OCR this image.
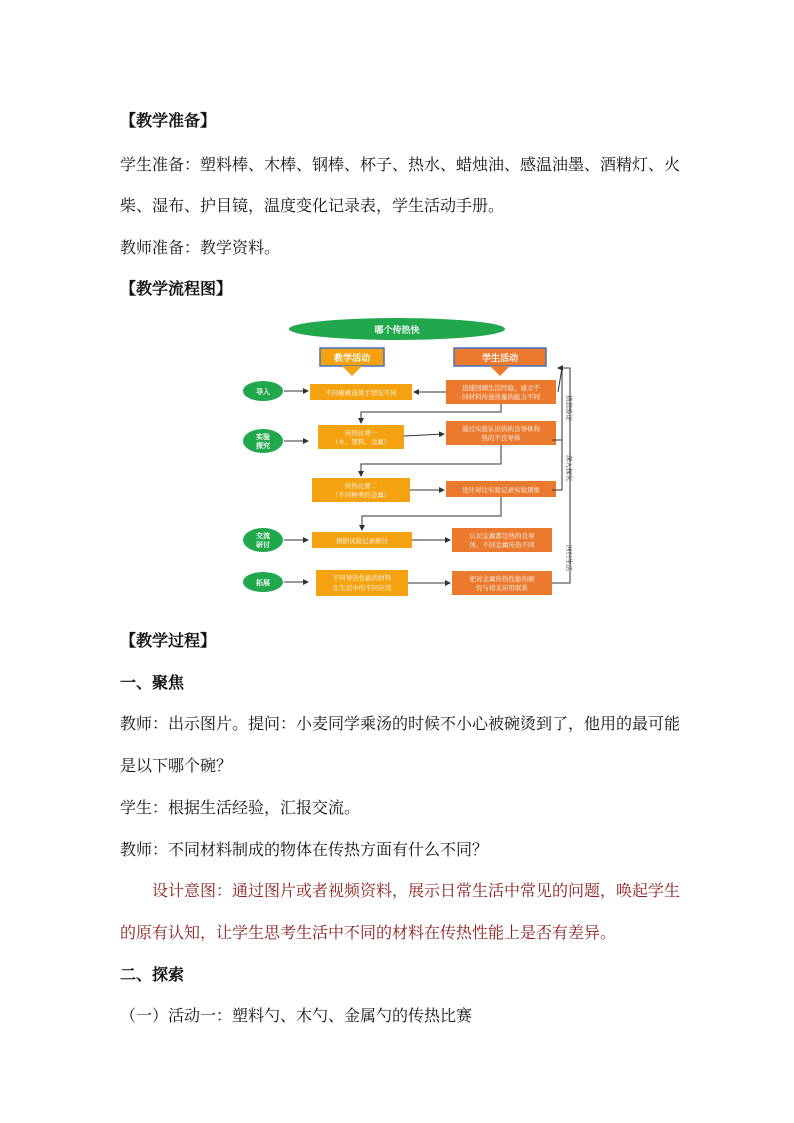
【教学准备】
学生准备：塑料棒、木棒、钢棒、杯子、热水、蜡烛油、感温油墨、酒精灯、火
柴、湿布、护目镜，温度变化记录表，学生活动手册。
教师准备：教学资料。
【教学流程图】
哪个传热快
教学活动	学生活动
导入
实验
探究
交流
研讨
拓展
不同碗乘汤烫手情况不同
传热比赛一
（木、塑料、金属）
传热比赛二
（不同种类的金属）
根据试验记录研讨
不同导热性能的材料
在生活中的不同应用
迅速回顾生活经验，建立不
同材料传递热量的能力不同
通过实验认识热的良导体和
热的不良导体
设计对比实验记录实验现象
认识金属都是热的良导
体，不同金属传热不同
把对金属传热性能的研
究与相关应用联系
猜想验证
深入探究
回归生活
【教学过程】
一、聚焦
教师：出示图片。提问：小麦同学乘汤的时候不小心被碗烫到了，他用的最可能
是以下哪个碗？
学生：根据生活经验，汇报交流。
教师：不同材料制成的物体在传热方面有什么不同？
设计意图：通过图片或者视频资料，展示日常生活中常见的问题，唤起学生
的原有认知，让学生思考生活中不同的材料在传热性能上是否有差异。
二、探索
（一）活动一：塑料勺、木勺、金属勺的传热比赛
